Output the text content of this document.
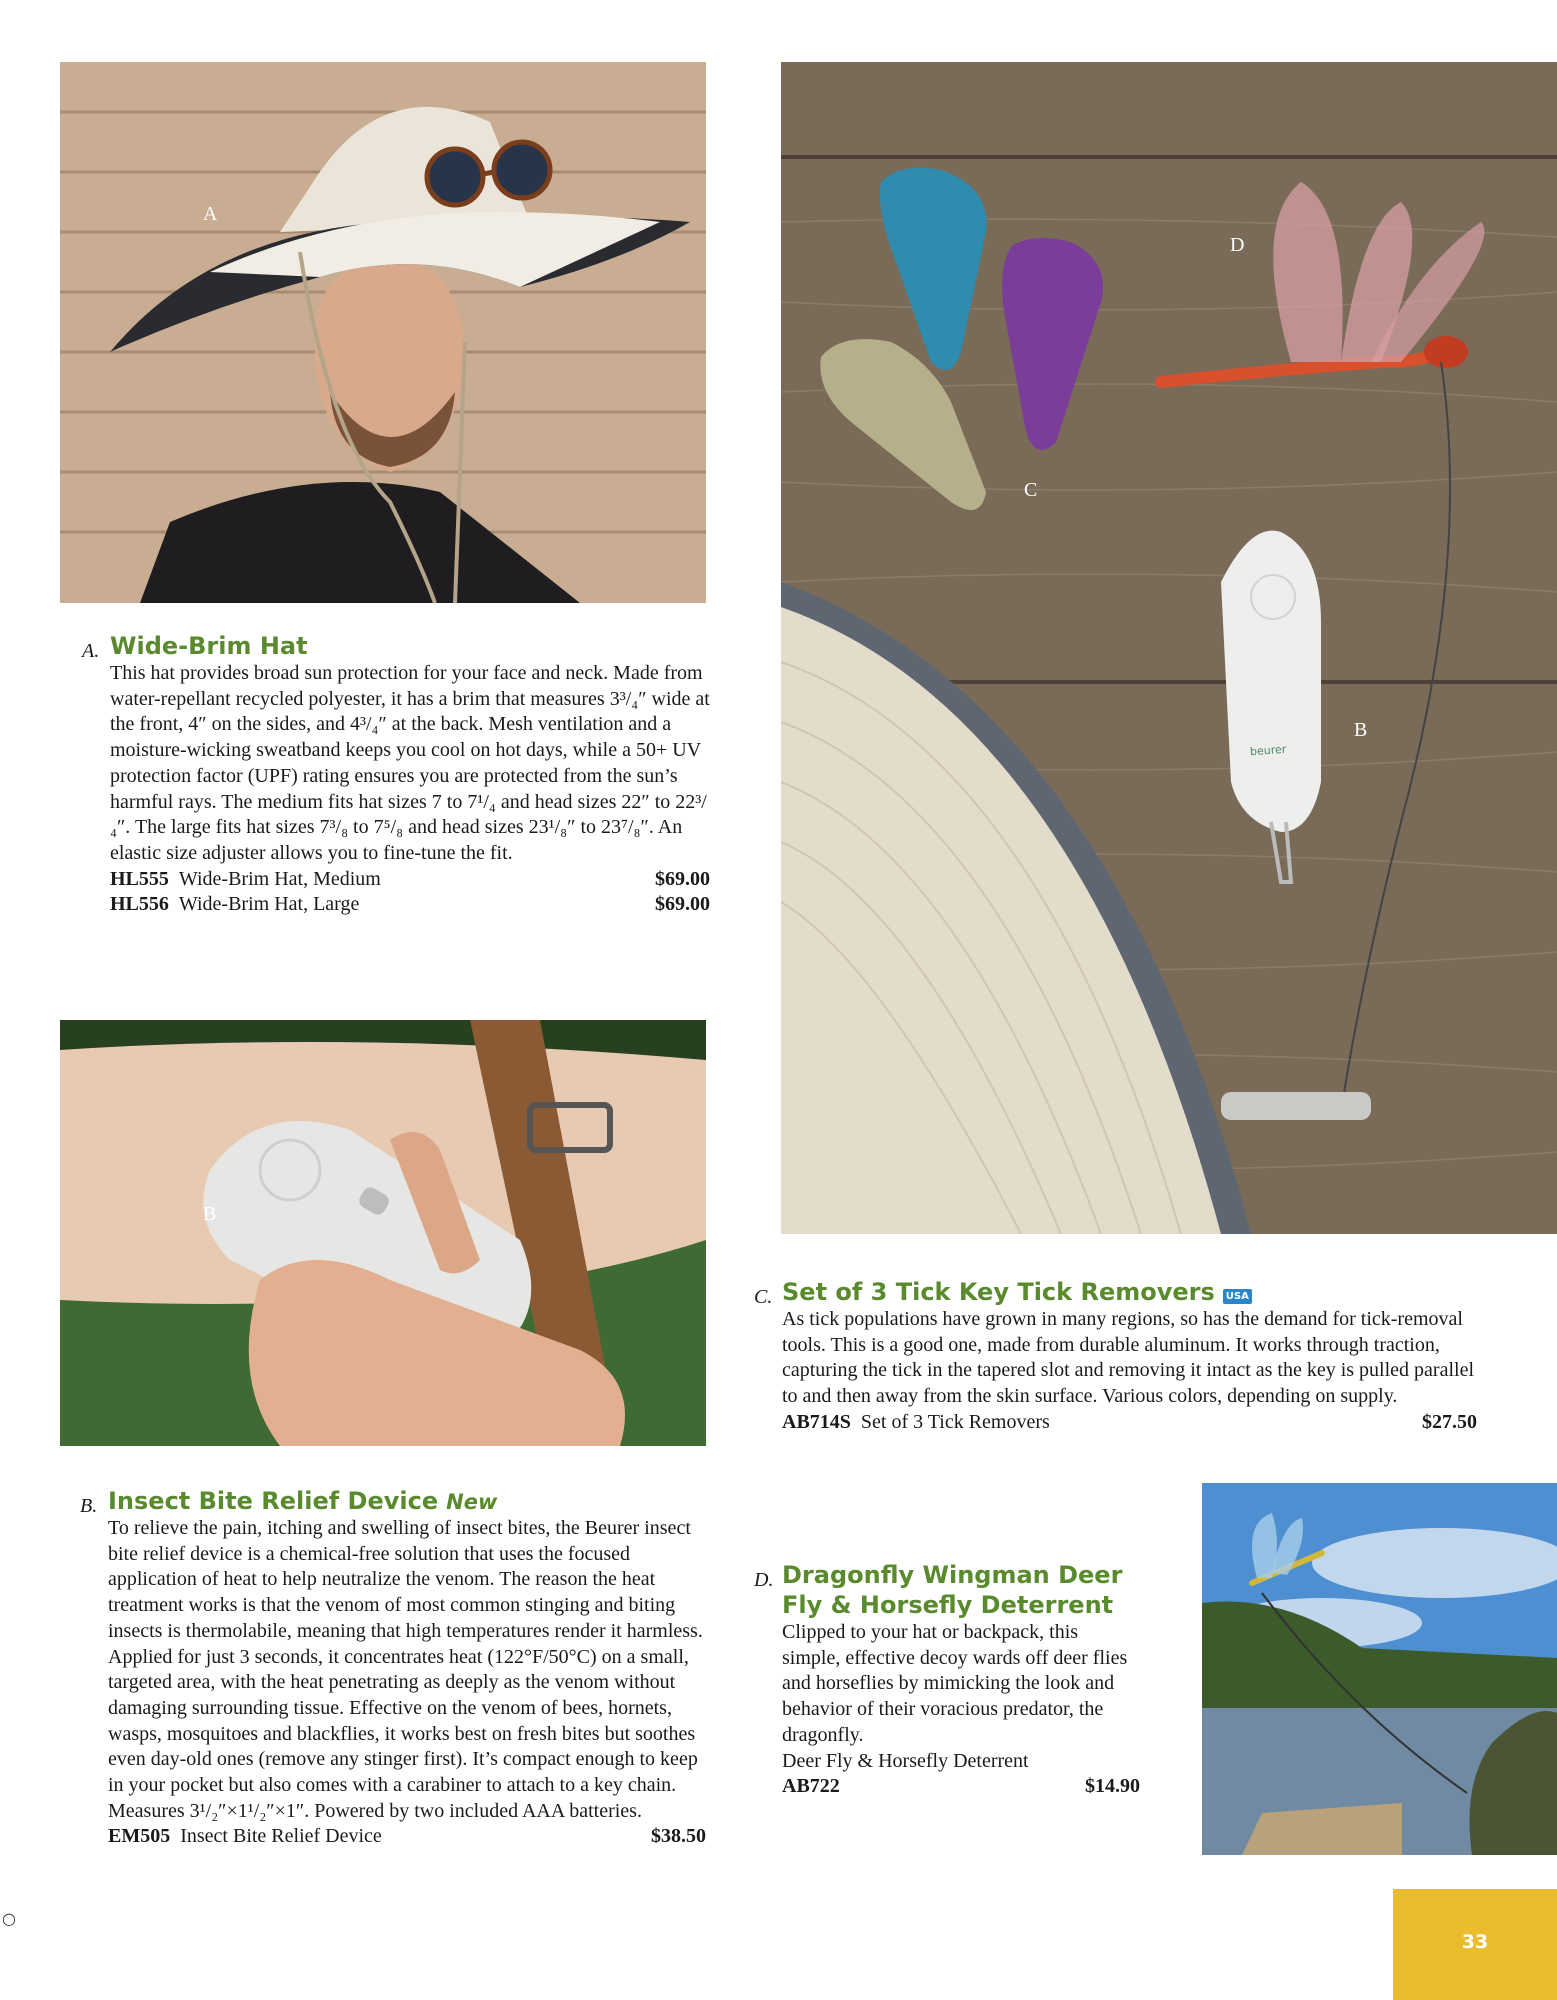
A
B
D
C
B
beurer
A. Wide-Brim Hat

This hat provides broad sun protection for your face and neck. Made from water-repellant recycled polyester, it has a brim that measures 3³/₄″ wide at the front, 4″ on the sides, and 4³/₄″ at the back. Mesh ventilation and a moisture-wicking sweatband keeps you cool on hot days, while a 50+ UV protection factor (UPF) rating ensures you are protected from the sun’s harmful rays. The medium fits hat sizes 7 to 7¹/₄ and head sizes 22″ to 22³/₄″. The large fits hat sizes 7³/₈ to 7⁵/₈ and head sizes 23¹/₈″ to 23⁷/₈″. An elastic size adjuster allows you to fine-tune the fit.

HL555 Wide-Brim Hat, Medium	$69.00
HL556 Wide-Brim Hat, Large	$69.00
B. Insect Bite Relief Device New

To relieve the pain, itching and swelling of insect bites, the Beurer insect bite relief device is a chemical-free solution that uses the focused application of heat to help neutralize the venom. The reason the heat treatment works is that the venom of most common stinging and biting insects is thermolabile, meaning that high temperatures render it harmless. Applied for just 3 seconds, it concentrates heat (122°F/50°C) on a small, targeted area, with the heat penetrating as deeply as the venom without damaging surrounding tissue. Effective on the venom of bees, hornets, wasps, mosquitoes and blackflies, it works best on fresh bites but soothes even day-old ones (remove any stinger first). It’s compact enough to keep in your pocket but also comes with a carabiner to attach to a key chain. Measures 3¹/₂″×1¹/₂″×1″. Powered by two included AAA batteries.

EM505 Insect Bite Relief Device	$38.50
C. Set of 3 Tick Key Tick Removers USA

As tick populations have grown in many regions, so has the demand for tick-removal tools. This is a good one, made from durable aluminum. It works through traction, capturing the tick in the tapered slot and removing it intact as the key is pulled parallel to and then away from the skin surface. Various colors, depending on supply.

AB714S Set of 3 Tick Removers	$27.50
D. Dragonfly Wingman Deer Fly & Horsefly Deterrent

Clipped to your hat or backpack, this simple, effective decoy wards off deer flies and horseflies by mimicking the look and behavior of their voracious predator, the dragonfly.

Deer Fly & Horsefly Deterrent

AB722	$14.90
33
○
